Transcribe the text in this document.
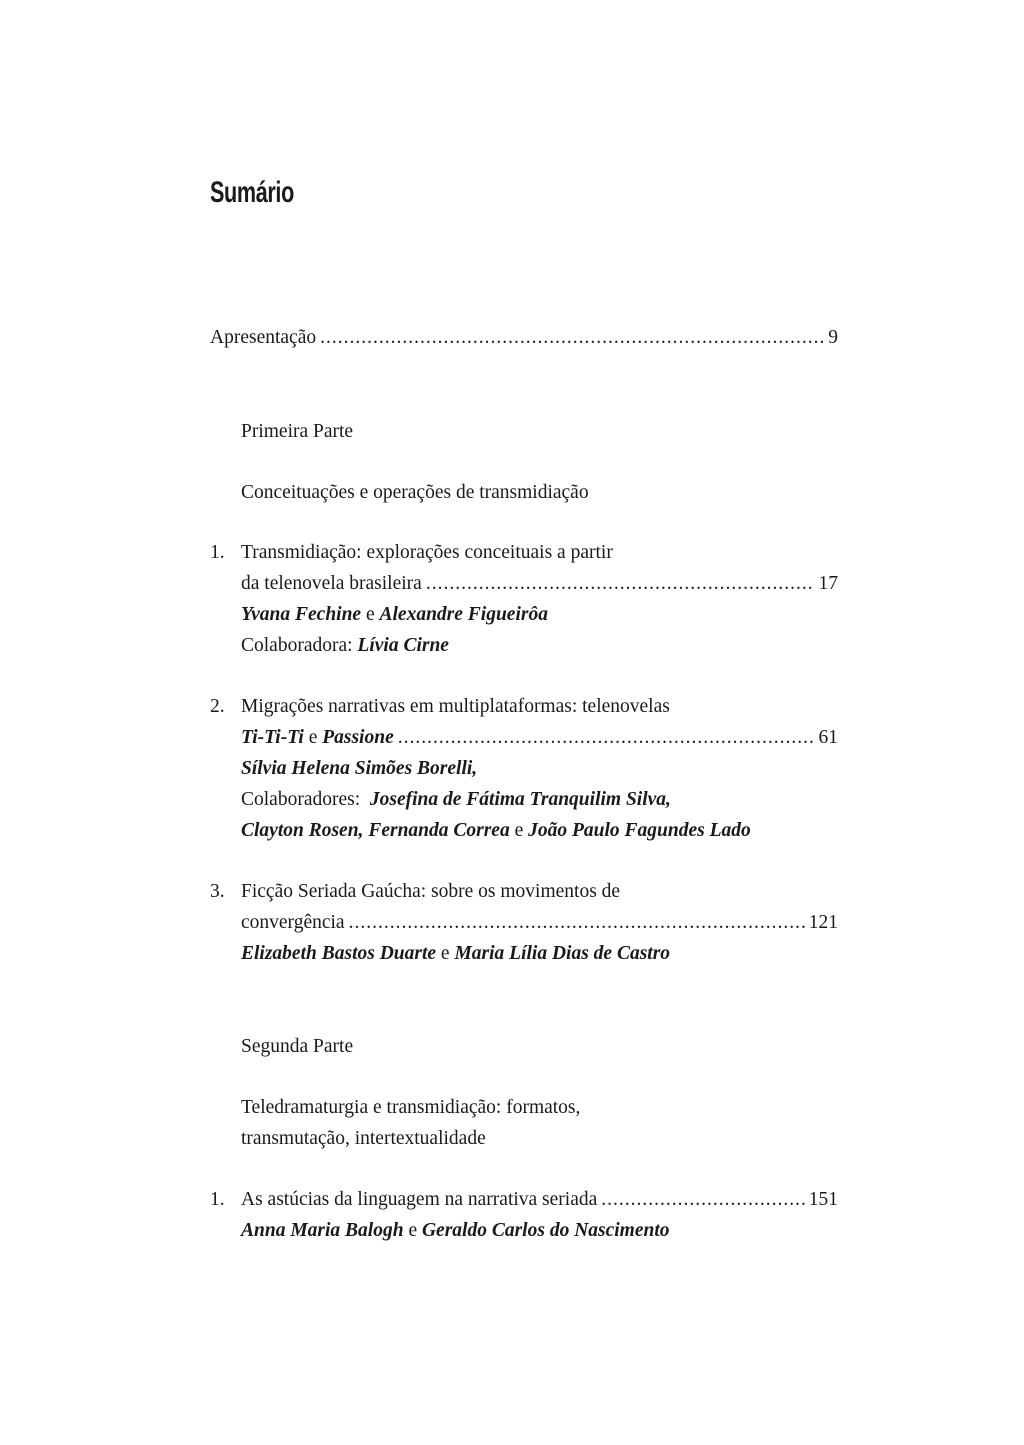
Sumário
Apresentação .....	9
Primeira Parte
Conceituações e operações de transmidiação
1. Transmidiação: explorações conceituais a partir
da telenovela brasileira .....	17
Yvana Fechine e Alexandre Figueirôa
Colaboradora: Lívia Cirne
2. Migrações narrativas em multiplataformas: telenovelas
Ti-Ti-Ti e Passione .....	61
Sílvia Helena Simões Borelli,
Colaboradores: Josefina de Fátima Tranquilim Silva,
Clayton Rosen, Fernanda Correa e João Paulo Fagundes Lado
3. Ficção Seriada Gaúcha: sobre os movimentos de
convergência .....	121
Elizabeth Bastos Duarte e Maria Lília Dias de Castro
Segunda Parte
Teledramaturgia e transmidiação: formatos,
transmutação, intertextualidade
1. As astúcias da linguagem na narrativa seriada .....	151
Anna Maria Balogh e Geraldo Carlos do Nascimento
